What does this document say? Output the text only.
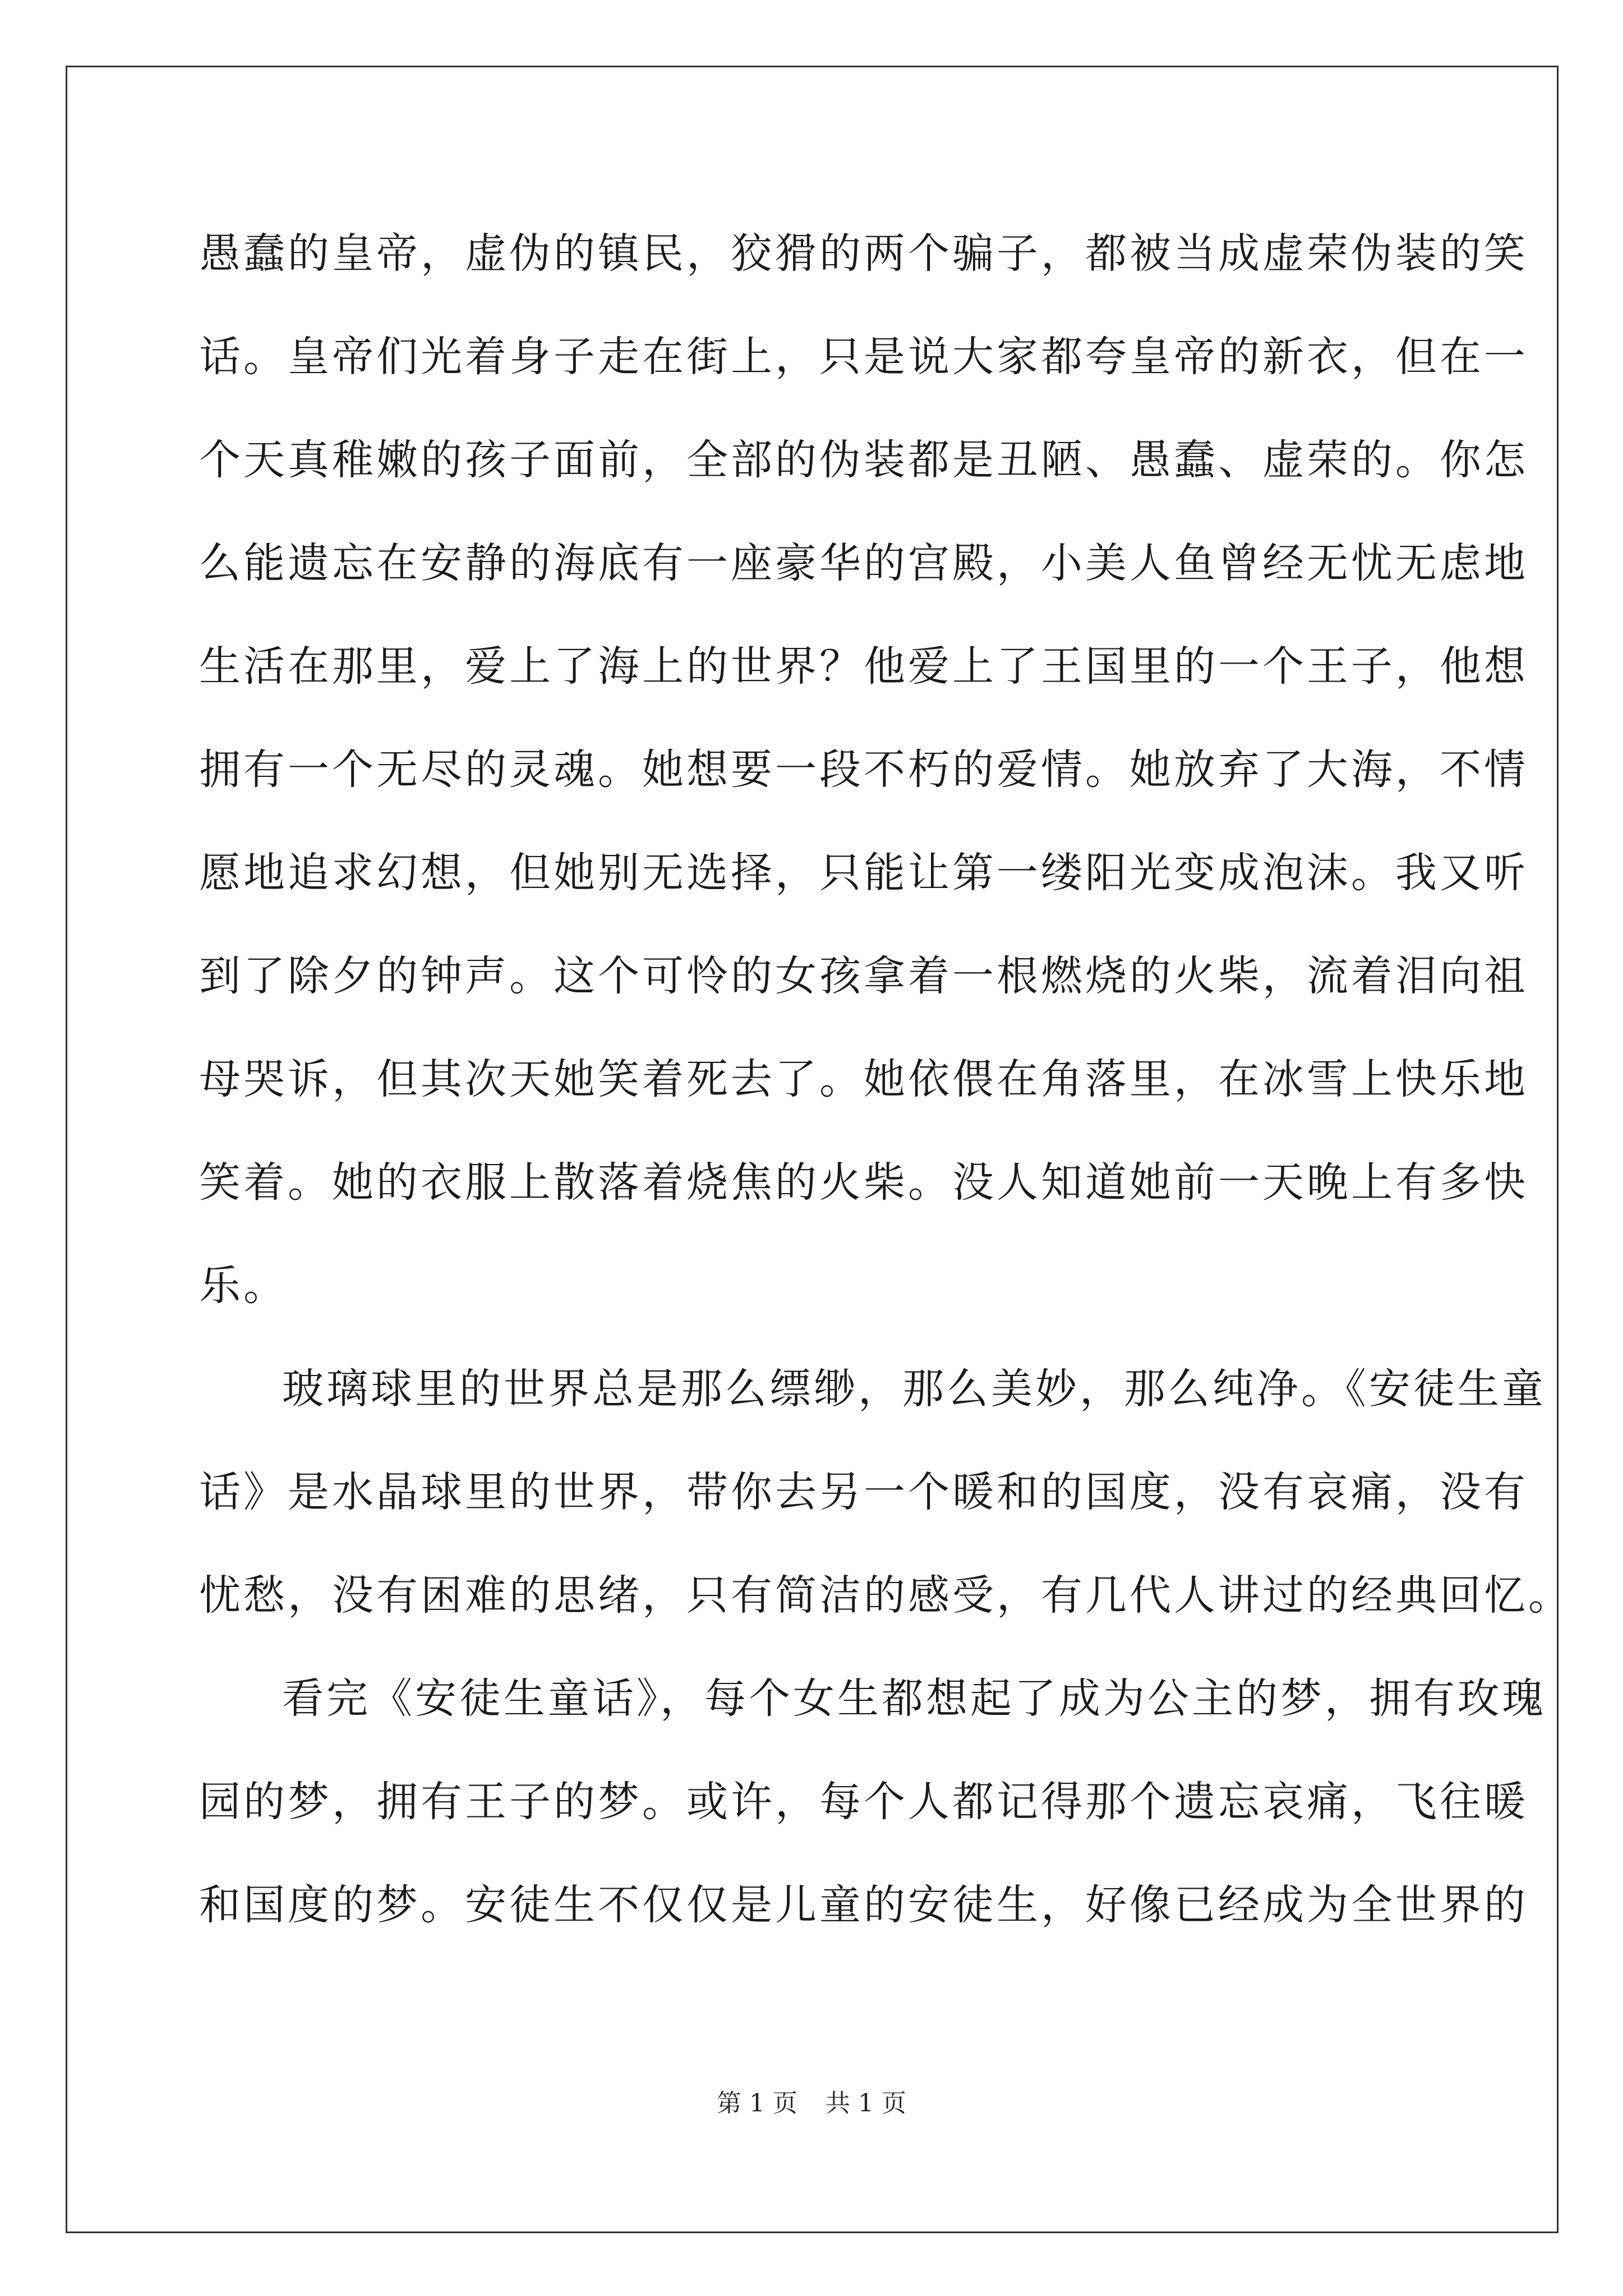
愚蠢的皇帝，虚伪的镇民，狡猾的两个骗子，都被当成虚荣伪装的笑
话。皇帝们光着身子走在街上，只是说大家都夸皇帝的新衣，但在一
个天真稚嫩的孩子面前，全部的伪装都是丑陋、愚蠢、虚荣的。你怎
么能遗忘在安静的海底有一座豪华的宫殿，小美人鱼曾经无忧无虑地
生活在那里，爱上了海上的世界？他爱上了王国里的一个王子，他想
拥有一个无尽的灵魂。她想要一段不朽的爱情。她放弃了大海，不情
愿地追求幻想，但她别无选择，只能让第一缕阳光变成泡沫。我又听
到了除夕的钟声。这个可怜的女孩拿着一根燃烧的火柴，流着泪向祖
母哭诉，但其次天她笑着死去了。她依偎在角落里，在冰雪上快乐地
笑着。她的衣服上散落着烧焦的火柴。没人知道她前一天晚上有多快
乐。
玻璃球里的世界总是那么缥缈，那么美妙，那么纯净。《安徒生童
话》是水晶球里的世界，带你去另一个暖和的国度，没有哀痛，没有
忧愁，没有困难的思绪，只有简洁的感受，有几代人讲过的经典回忆。
看完《安徒生童话》，每个女生都想起了成为公主的梦，拥有玫瑰
园的梦，拥有王子的梦。或许，每个人都记得那个遗忘哀痛，飞往暖
和国度的梦。安徒生不仅仅是儿童的安徒生，好像已经成为全世界的
第 1 页 共 1 页
